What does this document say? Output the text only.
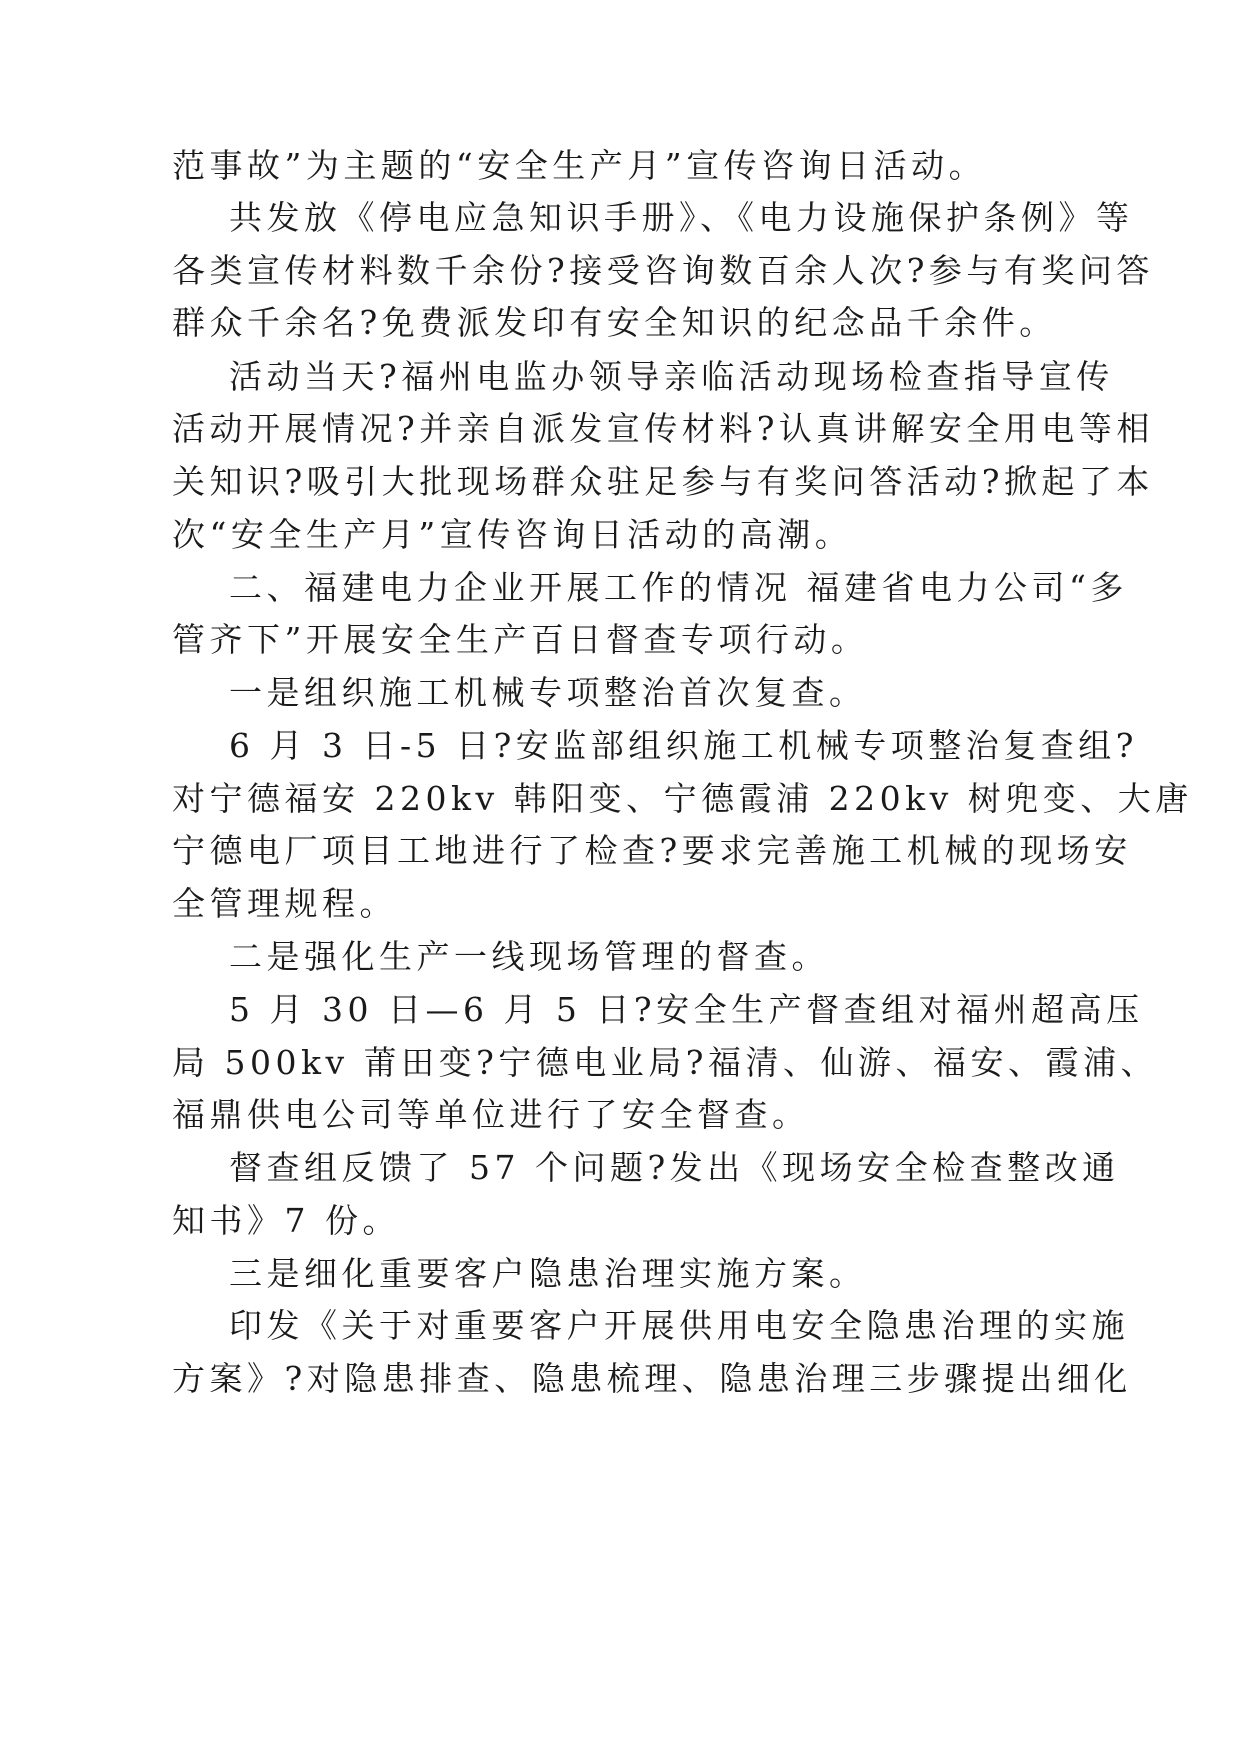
范事故”为主题的“安全生产月”宣传咨询日活动。
共发放《停电应急知识手册》、《电力设施保护条例》等
各类宣传材料数千余份?接受咨询数百余人次?参与有奖问答
群众千余名?免费派发印有安全知识的纪念品千余件。
活动当天?福州电监办领导亲临活动现场检查指导宣传
活动开展情况?并亲自派发宣传材料?认真讲解安全用电等相
关知识?吸引大批现场群众驻足参与有奖问答活动?掀起了本
次“安全生产月”宣传咨询日活动的高潮。
二、福建电力企业开展工作的情况 福建省电力公司“多
管齐下”开展安全生产百日督查专项行动。
一是组织施工机械专项整治首次复查。
6 月 3 日-5 日?安监部组织施工机械专项整治复查组?
对宁德福安 220kv 韩阳变、宁德霞浦 220kv 树兜变、大唐
宁德电厂项目工地进行了检查?要求完善施工机械的现场安
全管理规程。
二是强化生产一线现场管理的督查。
5 月 30 日—6 月 5 日?安全生产督查组对福州超高压
局 500kv 莆田变?宁德电业局?福清、仙游、福安、霞浦、
福鼎供电公司等单位进行了安全督查。
督查组反馈了 57 个问题?发出《现场安全检查整改通
知书》7 份。
三是细化重要客户隐患治理实施方案。
印发《关于对重要客户开展供用电安全隐患治理的实施
方案》?对隐患排查、隐患梳理、隐患治理三步骤提出细化
